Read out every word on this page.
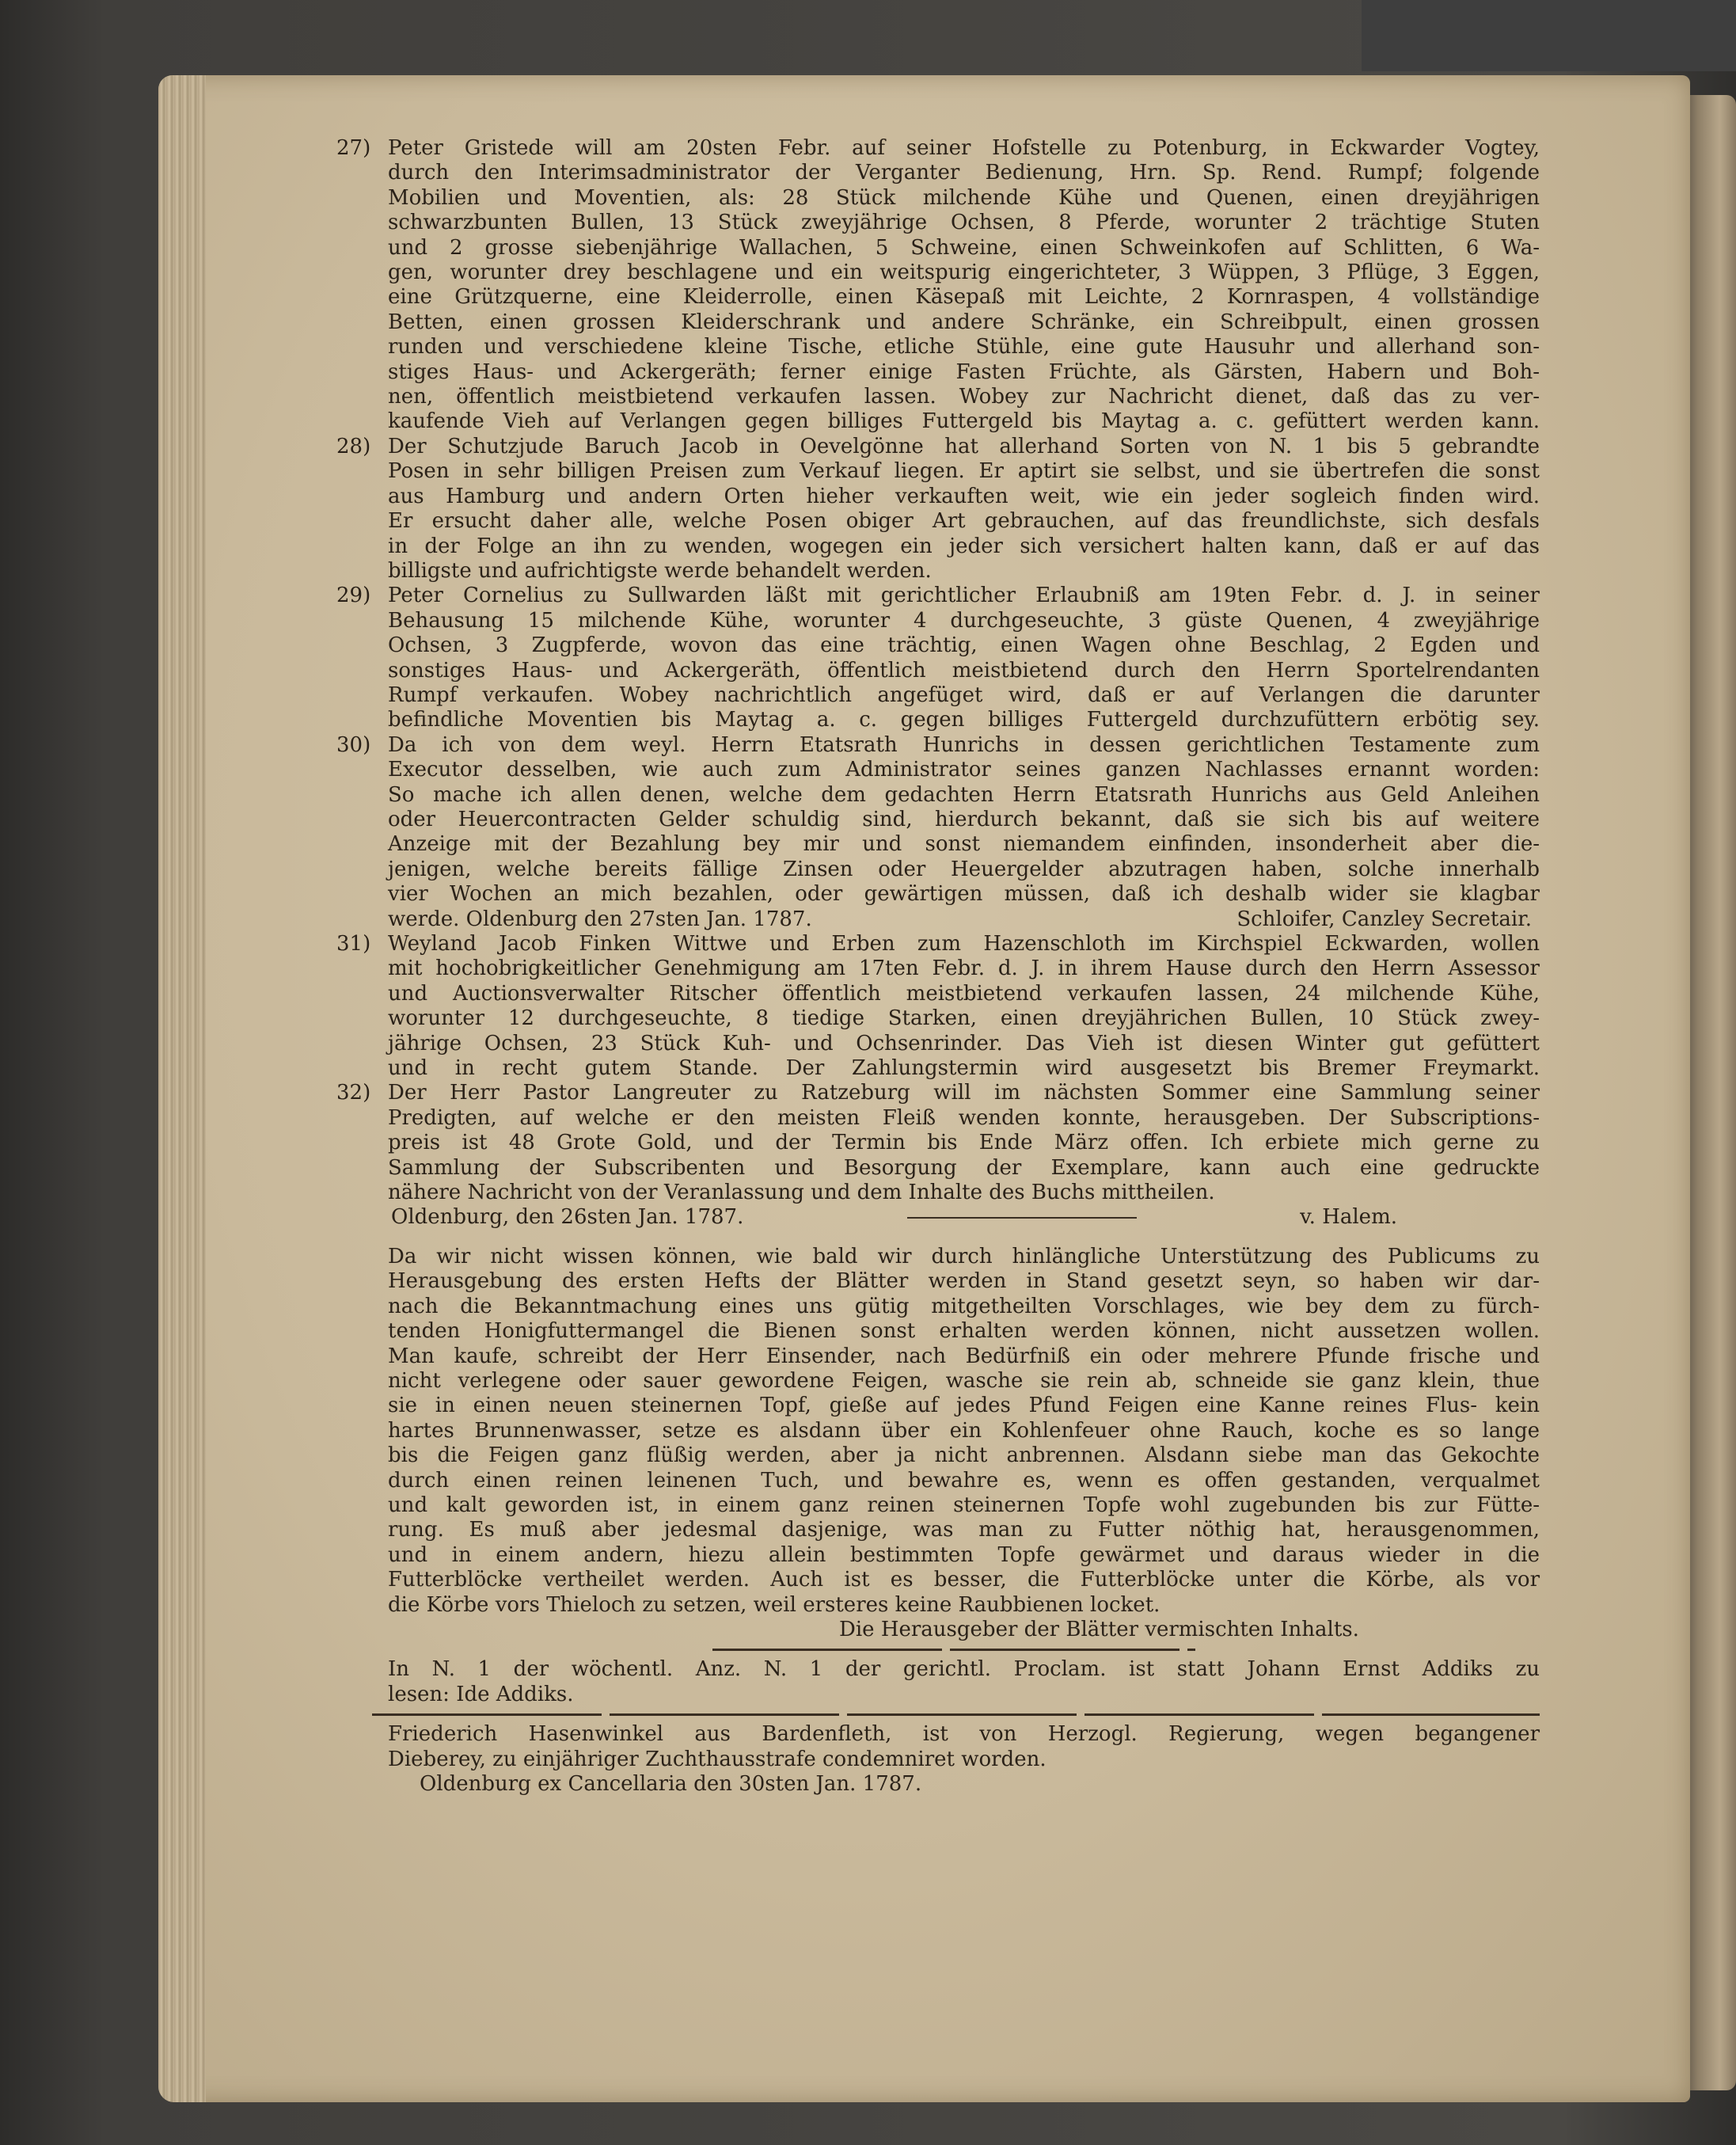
27) Peter Gristede will am 20sten Febr. auf seiner Hofstelle zu Potenburg, in Eckwarder Vogtey,
durch den Interimsadministrator der Verganter Bedienung, Hrn. Sp. Rend. Rumpf; folgende
Mobilien und Moventien, als: 28 Stück milchende Kühe und Quenen, einen dreyjährigen
schwarzbunten Bullen, 13 Stück zweyjährige Ochsen, 8 Pferde, worunter 2 trächtige Stuten
und 2 grosse siebenjährige Wallachen, 5 Schweine, einen Schweinkofen auf Schlitten, 6 Wa-
gen, worunter drey beschlagene und ein weitspurig eingerichteter, 3 Wüppen, 3 Pflüge, 3 Eggen,
eine Grützquerne, eine Kleiderrolle, einen Käsepaß mit Leichte, 2 Kornraspen, 4 vollständige
Betten, einen grossen Kleiderschrank und andere Schränke, ein Schreibpult, einen grossen
runden und verschiedene kleine Tische, etliche Stühle, eine gute Hausuhr und allerhand son-
stiges Haus- und Ackergeräth; ferner einige Fasten Früchte, als Gärsten, Habern und Boh-
nen, öffentlich meistbietend verkaufen lassen. Wobey zur Nachricht dienet, daß das zu ver-
kaufende Vieh auf Verlangen gegen billiges Futtergeld bis Maytag a. c. gefüttert werden kann.
28) Der Schutzjude Baruch Jacob in Oevelgönne hat allerhand Sorten von N. 1 bis 5 gebrandte
Posen in sehr billigen Preisen zum Verkauf liegen. Er aptirt sie selbst, und sie übertrefen die sonst
aus Hamburg und andern Orten hieher verkauften weit, wie ein jeder sogleich finden wird.
Er ersucht daher alle, welche Posen obiger Art gebrauchen, auf das freundlichste, sich desfals
in der Folge an ihn zu wenden, wogegen ein jeder sich versichert halten kann, daß er auf das
billigste und aufrichtigste werde behandelt werden.
29) Peter Cornelius zu Sullwarden läßt mit gerichtlicher Erlaubniß am 19ten Febr. d. J. in seiner
Behausung 15 milchende Kühe, worunter 4 durchgeseuchte, 3 güste Quenen, 4 zweyjährige
Ochsen, 3 Zugpferde, wovon das eine trächtig, einen Wagen ohne Beschlag, 2 Egden und
sonstiges Haus- und Ackergeräth, öffentlich meistbietend durch den Herrn Sportelrendanten
Rumpf verkaufen. Wobey nachrichtlich angefüget wird, daß er auf Verlangen die darunter
befindliche Moventien bis Maytag a. c. gegen billiges Futtergeld durchzufüttern erbötig sey.
30) Da ich von dem weyl. Herrn Etatsrath Hunrichs in dessen gerichtlichen Testamente zum
Executor desselben, wie auch zum Administrator seines ganzen Nachlasses ernannt worden:
So mache ich allen denen, welche dem gedachten Herrn Etatsrath Hunrichs aus Geld Anleihen
oder Heuercontracten Gelder schuldig sind, hierdurch bekannt, daß sie sich bis auf weitere
Anzeige mit der Bezahlung bey mir und sonst niemandem einfinden, insonderheit aber die-
jenigen, welche bereits fällige Zinsen oder Heuergelder abzutragen haben, solche innerhalb
vier Wochen an mich bezahlen, oder gewärtigen müssen, daß ich deshalb wider sie klagbar
werde. Oldenburg den 27sten Jan. 1787.	Schloifer, Canzley Secretair.
31) Weyland Jacob Finken Wittwe und Erben zum Hazenschloth im Kirchspiel Eckwarden, wollen
mit hochobrigkeitlicher Genehmigung am 17ten Febr. d. J. in ihrem Hause durch den Herrn Assessor
und Auctionsverwalter Ritscher öffentlich meistbietend verkaufen lassen, 24 milchende Kühe,
worunter 12 durchgeseuchte, 8 tiedige Starken, einen dreyjährichen Bullen, 10 Stück zwey-
jährige Ochsen, 23 Stück Kuh- und Ochsenrinder. Das Vieh ist diesen Winter gut gefüttert
und in recht gutem Stande. Der Zahlungstermin wird ausgesetzt bis Bremer Freymarkt.
32) Der Herr Pastor Langreuter zu Ratzeburg will im nächsten Sommer eine Sammlung seiner
Predigten, auf welche er den meisten Fleiß wenden konnte, herausgeben. Der Subscriptions-
preis ist 48 Grote Gold, und der Termin bis Ende März offen. Ich erbiete mich gerne zu
Sammlung der Subscribenten und Besorgung der Exemplare, kann auch eine gedruckte
nähere Nachricht von der Veranlassung und dem Inhalte des Buchs mittheilen.
Oldenburg, den 26sten Jan. 1787.	v. Halem.
Da wir nicht wissen können, wie bald wir durch hinlängliche Unterstützung des Publicums zu
Herausgebung des ersten Hefts der Blätter werden in Stand gesetzt seyn, so haben wir dar-
nach die Bekanntmachung eines uns gütig mitgetheilten Vorschlages, wie bey dem zu fürch-
tenden Honigfuttermangel die Bienen sonst erhalten werden können, nicht aussetzen wollen.
Man kaufe, schreibt der Herr Einsender, nach Bedürfniß ein oder mehrere Pfunde frische und
nicht verlegene oder sauer gewordene Feigen, wasche sie rein ab, schneide sie ganz klein, thue
sie in einen neuen steinernen Topf, gieße auf jedes Pfund Feigen eine Kanne reines Flus- kein
hartes Brunnenwasser, setze es alsdann über ein Kohlenfeuer ohne Rauch, koche es so lange
bis die Feigen ganz flüßig werden, aber ja nicht anbrennen. Alsdann siebe man das Gekochte
durch einen reinen leinenen Tuch, und bewahre es, wenn es offen gestanden, verqualmet
und kalt geworden ist, in einem ganz reinen steinernen Topfe wohl zugebunden bis zur Fütte-
rung. Es muß aber jedesmal dasjenige, was man zu Futter nöthig hat, herausgenommen,
und in einem andern, hiezu allein bestimmten Topfe gewärmet und daraus wieder in die
Futterblöcke vertheilet werden. Auch ist es besser, die Futterblöcke unter die Körbe, als vor
die Körbe vors Thieloch zu setzen, weil ersteres keine Raubbienen locket.
Die Herausgeber der Blätter vermischten Inhalts.
In N. 1 der wöchentl. Anz. N. 1 der gerichtl. Proclam. ist statt Johann Ernst Addiks zu
lesen: Ide Addiks.
Friederich Hasenwinkel aus Bardenfleth, ist von Herzogl. Regierung, wegen begangener
Dieberey, zu einjähriger Zuchthausstrafe condemniret worden.
Oldenburg ex Cancellaria den 30sten Jan. 1787.
